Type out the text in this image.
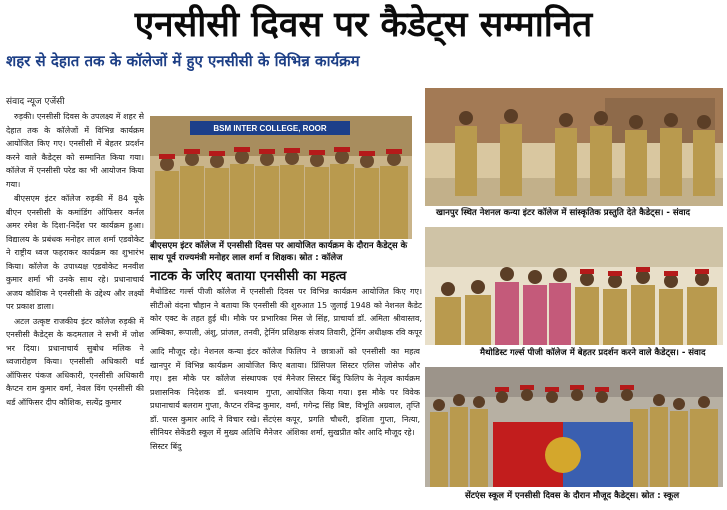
एनसीसी दिवस पर कैडेट्स सम्मानित
शहर से देहात तक के कॉलेजों में हुए एनसीसी के विभिन्न कार्यक्रम
संवाद न्यूज एजेंसी

रुड़की। एनसीसी दिवस के उपलक्ष्य में शहर से देहात तक के कॉलेजों में विभिन्न कार्यक्रम आयोजित किए गए। एनसीसी में बेहतर प्रदर्शन करने वाले कैडेट्स को सम्मानित किया गया। कॉलेज में एनसीसी परेड का भी आयोजन किया गया।

बीएसएम इंटर कॉलेज रुड़की में 84 यूके बीएन एनसीसी के कमांडिंग ऑफिसर कर्नल अमर रमेश के दिशा-निर्देश पर कार्यक्रम हुआ। विद्यालय के प्रबंधक मनोहर लाल शर्मा एडवोकेट ने राष्ट्रीय ध्वज फहराकर कार्यक्रम का शुभारंभ किया। कॉलेज के उपाध्यक्ष एडवोकेट मनवीश कुमार शर्मा भी उनके साथ रहे। प्रधानाचार्य अजय कौशिक ने एनसीसी के उद्देश्य और लक्ष्यों पर प्रकाश डाला।

अटल उत्कृष्ट राजकीय इंटर कॉलेज रुड़की में एनसीसी कैडेट्स के कदमताल ने सभी में जोश भर दिया। प्रधानाचार्य सुबोध मलिक ने ध्वजारोहण किया। एनसीसी अधिकारी थर्ड ऑफिसर पंकज अधिकारी, एनसीसी अधिकारी कैप्टन राम कुमार वर्मा, नेवल विंग एनसीसी की थर्ड ऑफिसर दीप कौशिक, सत्येंद्र कुमार

BSM INTER COLLEGE, ROOR
बीएसएम इंटर कॉलेज में एनसीसी दिवस पर आयोजित कार्यक्रम के दौरान कैडेट्स के साथ पूर्व राज्यमंत्री मनोहर लाल शर्मा व शिक्षक। स्रोत : कॉलेज
खानपुर स्थित नेशनल कन्या इंटर कॉलेज में सांस्कृतिक प्रस्तुति देते कैडेट्स। - संवाद
मैथोडिस्ट गर्ल्स पीजी कॉलेज में बेहतर प्रदर्शन करने वाले कैडेट्स। - संवाद
नाटक के जरिए बताया एनसीसी का महत्व
मैथोडिस्ट गर्ल्स पीजी कॉलेज में एनसीसी दिवस पर विभिन्न कार्यक्रम आयोजित किए गए। सीटीओ वंदना चौहान ने बताया कि एनसीसी की शुरुआत 15 जुलाई 1948 को नेशनल कैडेट कोर एक्ट के तहत हुई थी। मौके पर प्रभारिका मिस जे सिंह, प्राचार्या डॉ. अमिता श्रीवास्तव, अम्बिका, रूपाली, अंशु, प्रांजल, तनवी, ट्रेनिंग प्रशिक्षक संजय तिवारी, ट्रेनिंग अधीक्षक रवि कपूर
आदि मौजूद रहे। नेशनल कन्या इंटर कॉलेज खानपुर में विभिन्न कार्यक्रम आयोजित किए गए। इस मौके पर कॉलेज संस्थापक एवं प्रशासनिक निदेशक डॉ. धनश्याम गुप्ता, प्रधानाचार्य बलराम गुप्ता, कैप्टन रविन्द्र कुमार, डॉ. पारस कुमार आदि ने विचार रखे। सेंटएंस सीनियर सेकेंडरी स्कूल में मुख्य अतिथि मैनेजर सिस्टर बिंदु
फिलिप ने छात्राओं को एनसीसी का महत्व बताया। प्रिंसिपल सिस्टर एलिस जोसेफ और मैनेजर सिस्टर बिंदु फिलिप के नेतृत्व कार्यक्रम आयोजित किया गया। इस मौके पर विवेक वर्मा, गगेन्द्र सिंह बिष्ट, विभूति अग्रवाल, तृप्ति कपूर, प्रगति चौधरी, इशिता गुप्ता, नित्या, अंशिका शर्मा, सुखप्रीत कौर आदि मौजूद रहे।
सेंटएंस स्कूल में एनसीसी दिवस के दौरान मौजूद कैडेट्स। स्रोत : स्कूल
